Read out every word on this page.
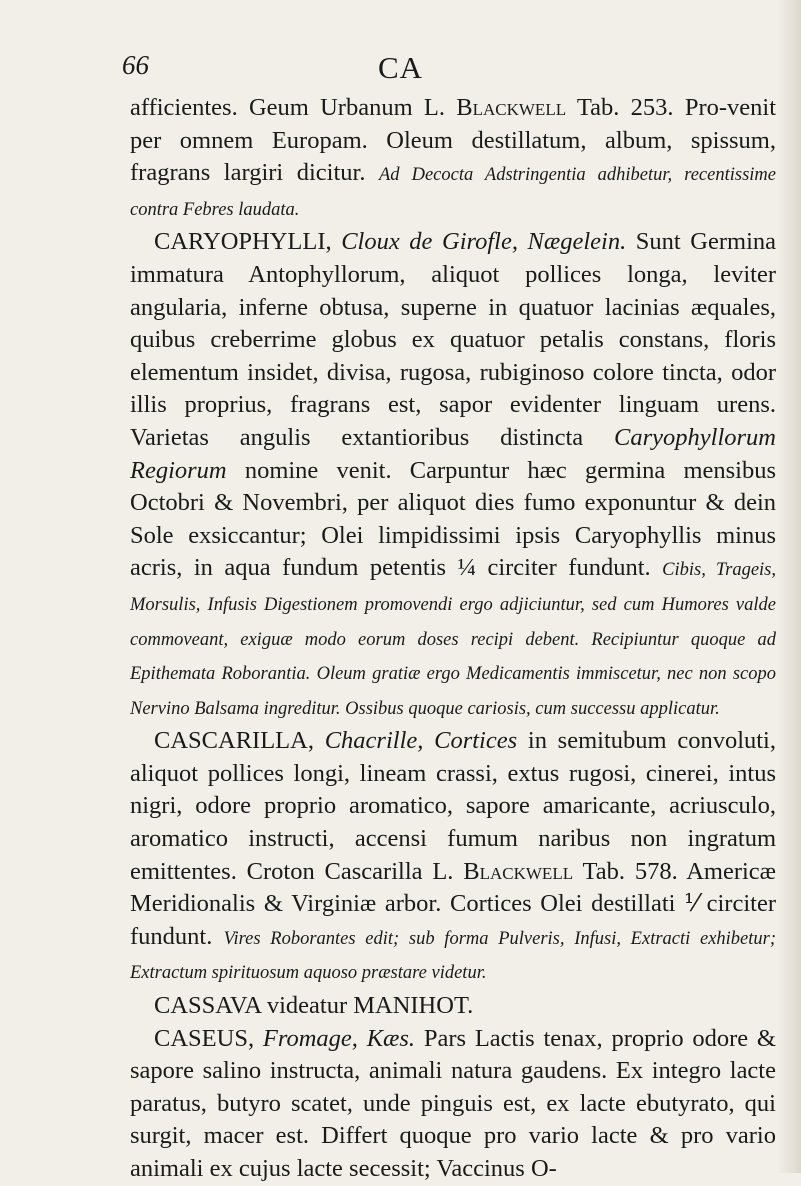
66	CA

afficientes. Geum Urbanum L. Blackwell Tab. 253. Pro-venit per omnem Europam. Oleum destillatum, album, spissum, fragrans largiri dicitur. Ad Decocta Adstringentia adhibetur, recentissime contra Febres laudata.

CARYOPHYLLI, Cloux de Girofle, Nægelein. Sunt Germina immatura Antophyllorum, aliquot pollices longa, leviter angularia, inferne obtusa, superne in quatuor lacinias æquales, quibus creberrime globus ex quatuor petalis constans, floris elementum insidet, divisa, rugosa, rubiginoso colore tincta, odor illis proprius, fragrans est, sapor evidenter linguam urens. Varietas angulis extantioribus distincta Caryophyllorum Regiorum nomine venit. Carpuntur hæc germina mensibus Octobri & Novembri, per aliquot dies fumo exponuntur & dein Sole exsiccantur; Olei limpidissimi ipsis Caryophyllis minus acris, in aqua fundum petentis ¼ circiter fundunt. Cibis, Trageis, Morsulis, Infusis Digestionem promovendi ergo adjiciuntur, sed cum Humores valde commoveant, exiguæ modo eorum doses recipi debent. Recipiuntur quoque ad Epithemata Roborantia. Oleum gratiæ ergo Medicamentis immiscetur, nec non scopo Nervino Balsama ingreditur. Ossibus quoque cariosis, cum successu applicatur.

CASCARILLA, Chacrille, Cortices in semitubum convoluti, aliquot pollices longi, lineam crassi, extus rugosi, cinerei, intus nigri, odore proprio aromatico, sapore amaricante, acriusculo, aromatico instructi, accensi fumum naribus non ingratum emittentes. Croton Cascarilla L. Blackwell Tab. 578. Americæ Meridionalis & Virginiæ arbor. Cortices Olei destillati ⅟ circiter fundunt. Vires Roborantes edit; sub forma Pulveris, Infusi, Extracti exhibetur; Extractum spirituosum aquoso præstare videtur.

CASSAVA videatur MANIHOT.

CASEUS, Fromage, Kæs. Pars Lactis tenax, proprio odore & sapore salino instructa, animali natura gaudens. Ex integro lacte paratus, butyro scatet, unde pinguis est, ex lacte ebutyrato, qui surgit, macer est. Differt quoque pro vario lacte & pro vario animali ex cujus lacte secessit; Vaccinus O-
